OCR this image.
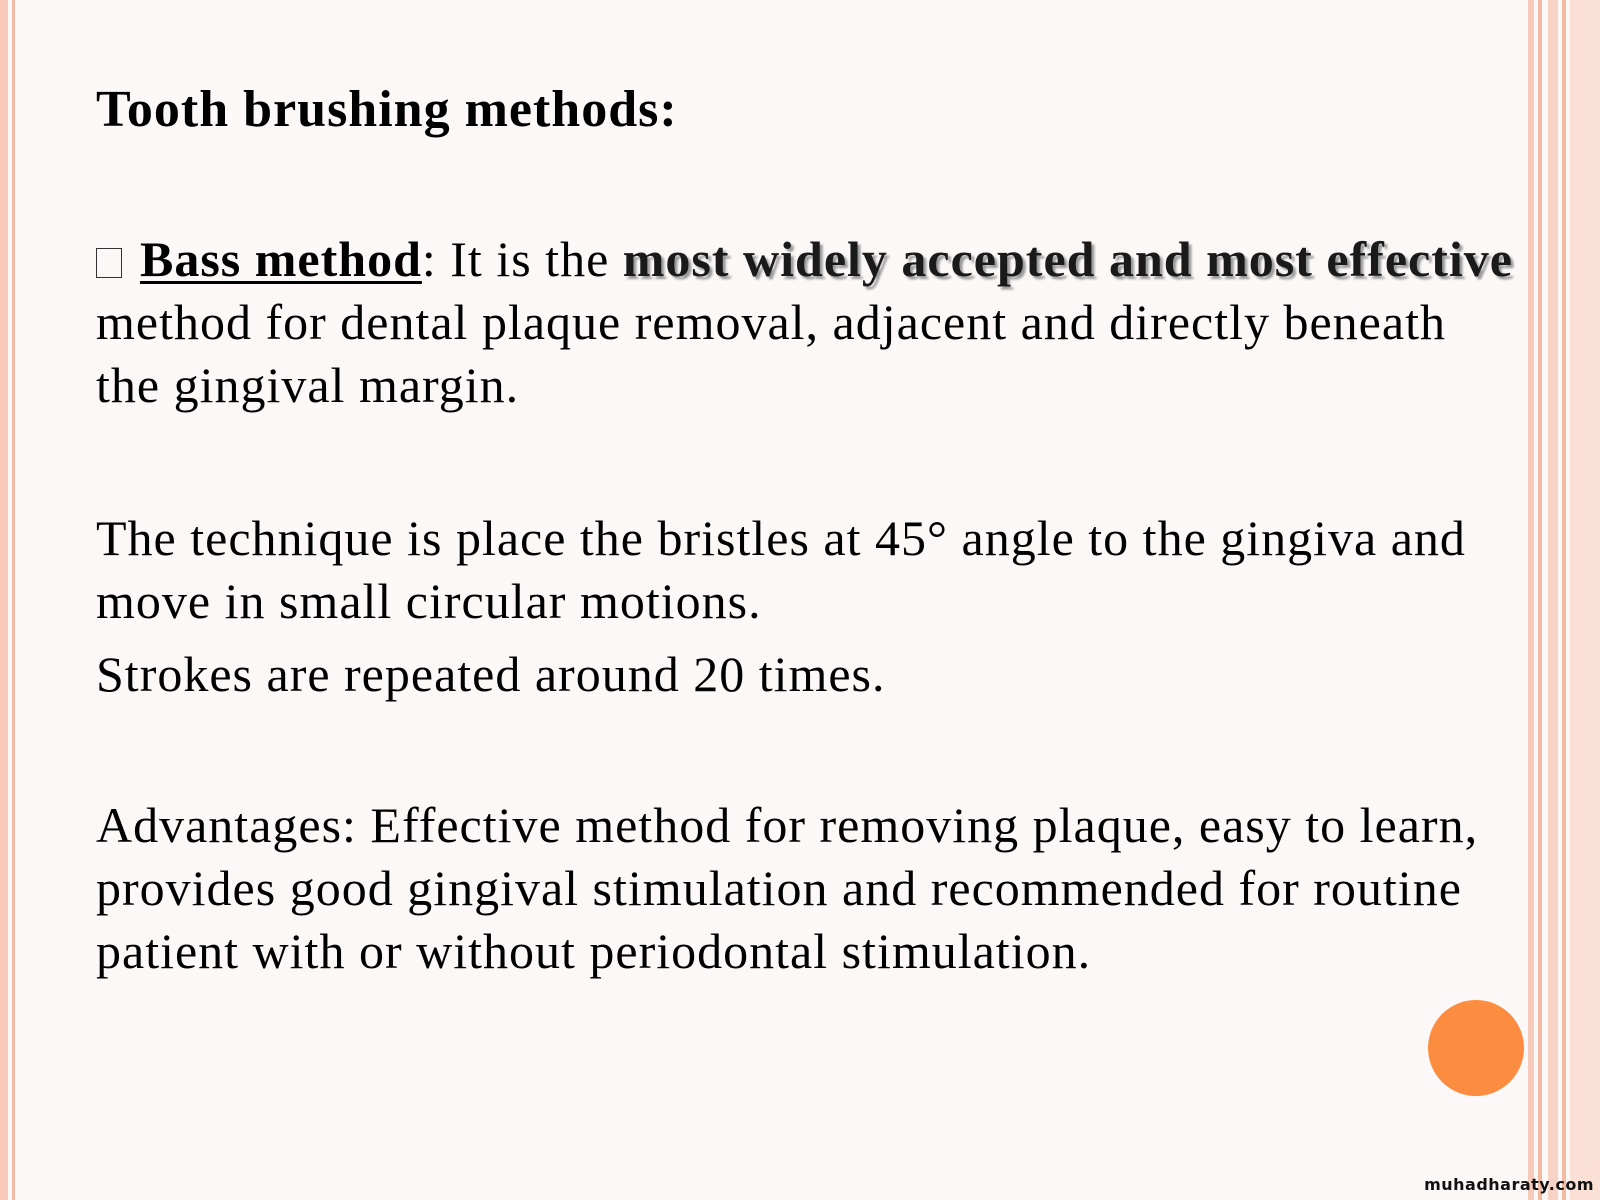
Tooth brushing methods:

Bass method: It is the most widely accepted and most effective method for dental plaque removal, adjacent and directly beneath the gingival margin.

The technique is place the bristles at 45° angle to the gingiva and move in small circular motions.

Strokes are repeated around 20 times.

Advantages: Effective method for removing plaque, easy to learn, provides good gingival stimulation and recommended for routine patient with or without periodontal stimulation.

muhadharaty.com
